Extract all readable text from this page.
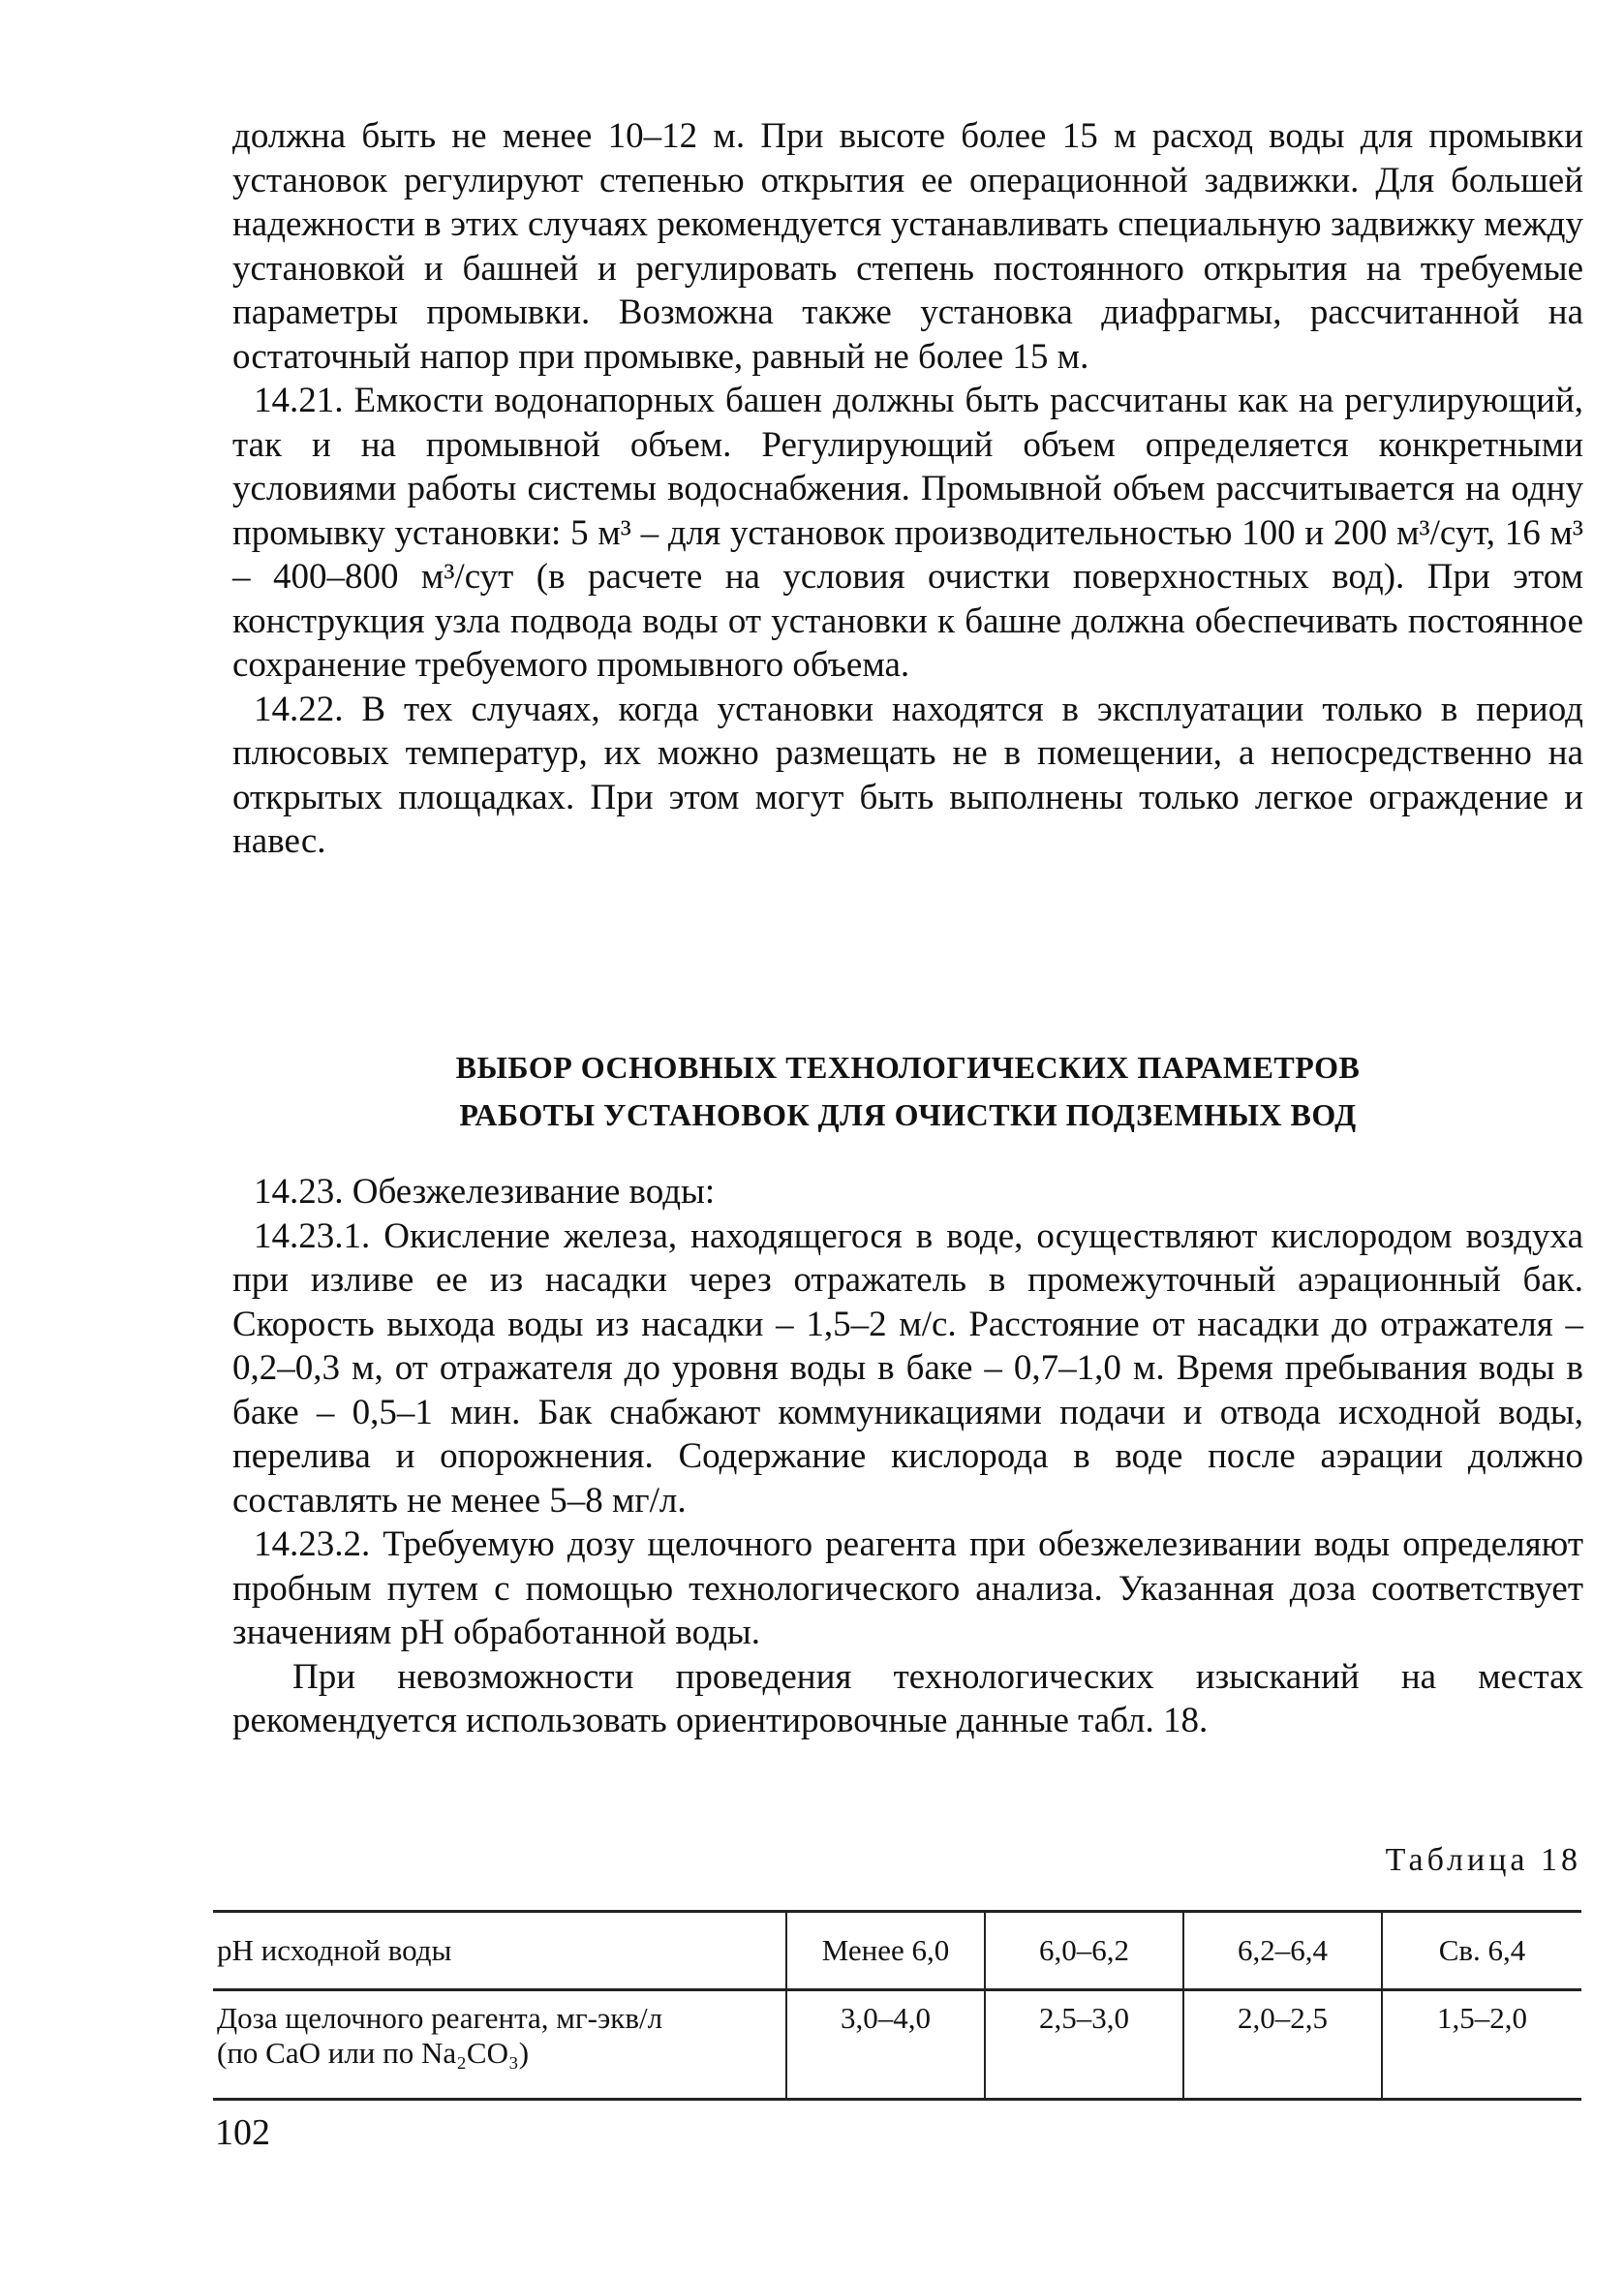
должна быть не менее 10–12 м. При высоте более 15 м расход воды для промывки установок регулируют степенью открытия ее операционной задвижки. Для большей надежности в этих случаях рекомендуется устанавливать специальную задвижку между установкой и башней и регулировать степень постоянного открытия на требуемые параметры промывки. Возможна также установка диафрагмы, рассчитанной на остаточный напор при промывке, равный не более 15 м.

14.21. Емкости водонапорных башен должны быть рассчитаны как на регулирующий, так и на промывной объем. Регулирующий объем определяется конкретными условиями работы системы водоснабжения. Промывной объем рассчитывается на одну промывку установки: 5 м³ – для установок производительностью 100 и 200 м³/сут, 16 м³ – 400–800 м³/сут (в расчете на условия очистки поверхностных вод). При этом конструкция узла подвода воды от установки к башне должна обеспечивать постоянное сохранение требуемого промывного объема.

14.22. В тех случаях, когда установки находятся в эксплуатации только в период плюсовых температур, их можно размещать не в помещении, а непосредственно на открытых площадках. При этом могут быть выполнены только легкое ограждение и навес.

ВЫБОР ОСНОВНЫХ ТЕХНОЛОГИЧЕСКИХ ПАРАМЕТРОВ
РАБОТЫ УСТАНОВОК ДЛЯ ОЧИСТКИ ПОДЗЕМНЫХ ВОД

14.23. Обезжелезивание воды:

14.23.1. Окисление железа, находящегося в воде, осуществляют кислородом воздуха при изливе ее из насадки через отражатель в промежуточный аэрационный бак. Скорость выхода воды из насадки – 1,5–2 м/с. Расстояние от насадки до отражателя – 0,2–0,3 м, от отражателя до уровня воды в баке – 0,7–1,0 м. Время пребывания воды в баке – 0,5–1 мин. Бак снабжают коммуникациями подачи и отвода исходной воды, перелива и опорожнения. Содержание кислорода в воде после аэрации должно составлять не менее 5–8 мг/л.

14.23.2. Требуемую дозу щелочного реагента при обезжелезивании воды определяют пробным путем с помощью технологического анализа. Указанная доза соответствует значениям pH обработанной воды.

При невозможности проведения технологических изысканий на местах рекомендуется использовать ориентировочные данные табл. 18.

Таблица 18
pH исходной воды	Менее 6,0	6,0–6,2	6,2–6,4	Св. 6,4

Доза щелочного реагента, мг-экв/л
(по CaO или по Na₂CO₃)	3,0–4,0	2,5–3,0	2,0–2,5	1,5–2,0
102
